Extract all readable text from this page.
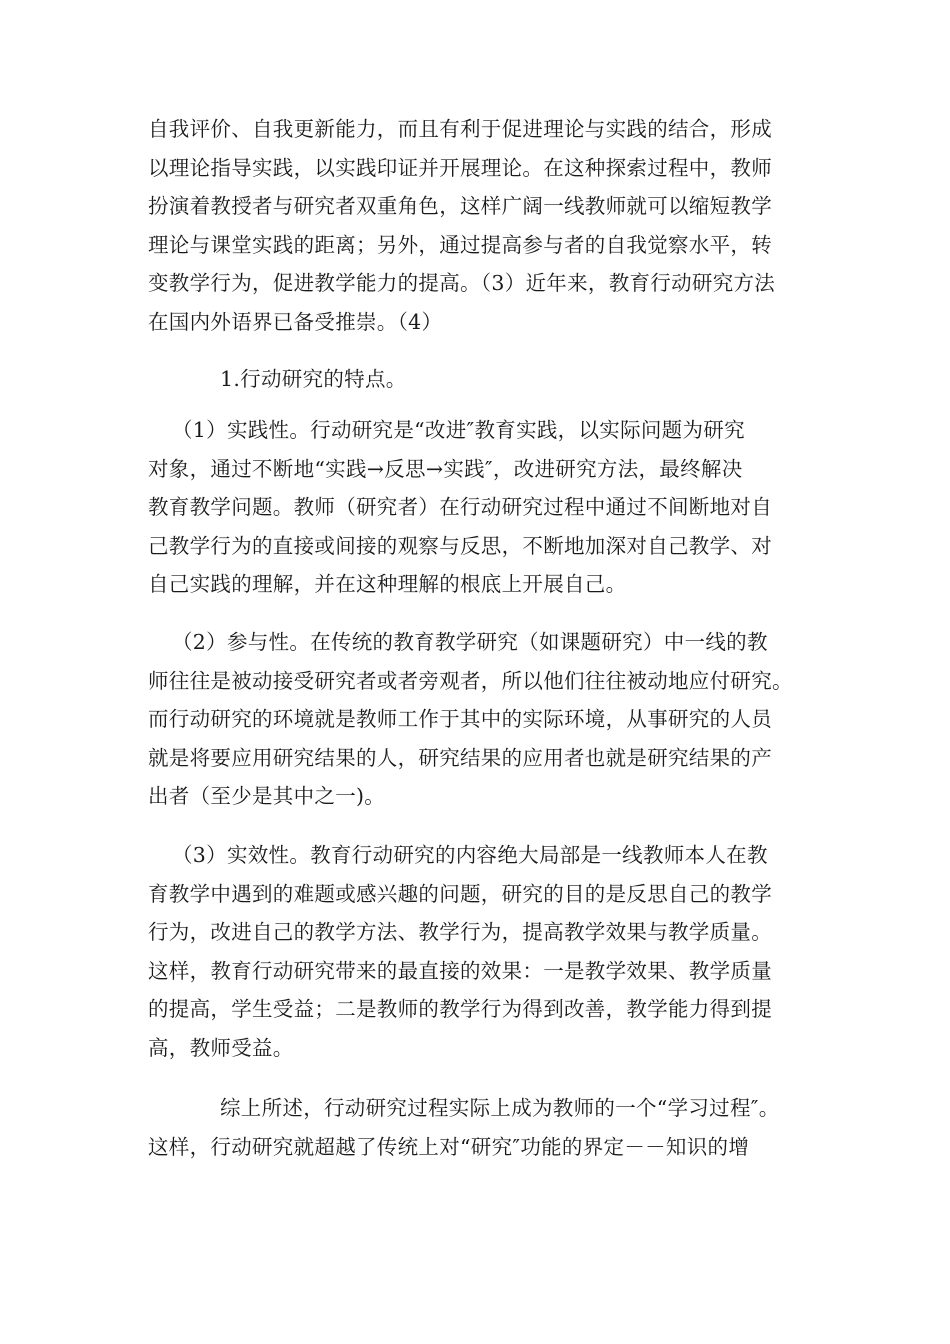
自我评价、自我更新能力，而且有利于促进理论与实践的结合，形成
以理论指导实践，以实践印证并开展理论。在这种探索过程中，教师
扮演着教授者与研究者双重角色，这样广阔一线教师就可以缩短教学
理论与课堂实践的距离；另外，通过提高参与者的自我觉察水平，转
变教学行为，促进教学能力的提高。（3）近年来，教育行动研究方法
在国内外语界已备受推崇。（4）

1.行动研究的特点。

（1）实践性。行动研究是“改进″教育实践，以实际问题为研究
对象，通过不断地“实践→反思→实践″，改进研究方法，最终解决
教育教学问题。教师（研究者）在行动研究过程中通过不间断地对自
己教学行为的直接或间接的观察与反思，不断地加深对自己教学、对
自己实践的理解，并在这种理解的根底上开展自己。

（2）参与性。在传统的教育教学研究（如课题研究）中一线的教
师往往是被动接受研究者或者旁观者，所以他们往往被动地应付研究。
而行动研究的环境就是教师工作于其中的实际环境，从事研究的人员
就是将要应用研究结果的人，研究结果的应用者也就是研究结果的产
出者（至少是其中之一)。

（3）实效性。教育行动研究的内容绝大局部是一线教师本人在教
育教学中遇到的难题或感兴趣的问题，研究的目的是反思自己的教学
行为，改进自己的教学方法、教学行为，提高教学效果与教学质量。
这样，教育行动研究带来的最直接的效果：一是教学效果、教学质量
的提高，学生受益；二是教师的教学行为得到改善，教学能力得到提
高，教师受益。

综上所述，行动研究过程实际上成为教师的一个“学习过程″。
这样，行动研究就超越了传统上对“研究″功能的界定－－知识的增
